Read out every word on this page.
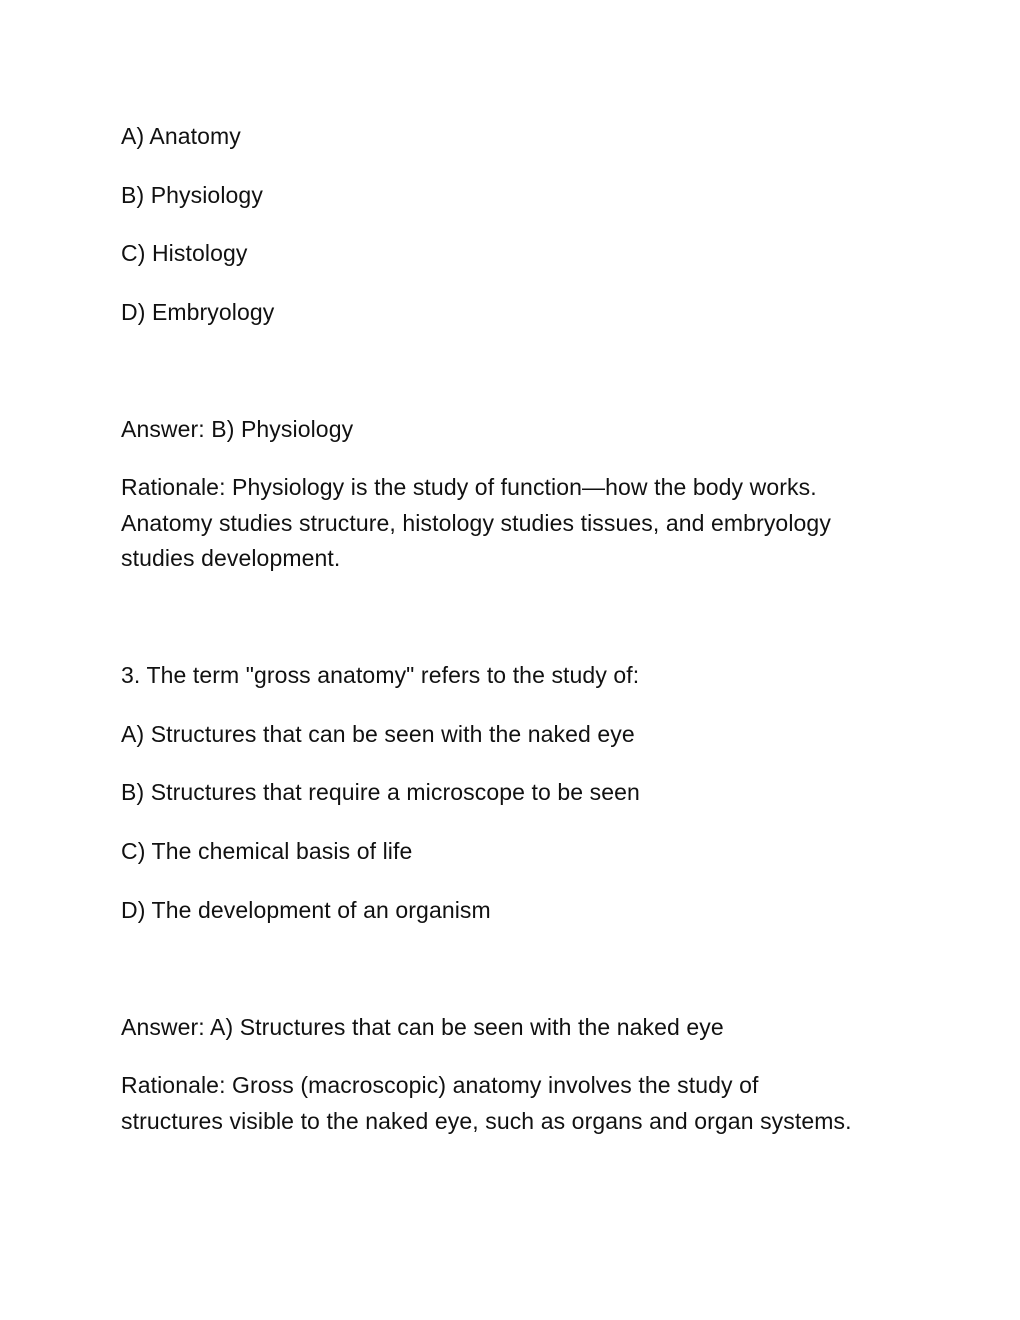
A) Anatomy
B) Physiology
C) Histology
D) Embryology
Answer: B) Physiology
Rationale: Physiology is the study of function—how the body works.
Anatomy studies structure, histology studies tissues, and embryology
studies development.
3. The term "gross anatomy" refers to the study of:
A) Structures that can be seen with the naked eye
B) Structures that require a microscope to be seen
C) The chemical basis of life
D) The development of an organism
Answer: A) Structures that can be seen with the naked eye
Rationale: Gross (macroscopic) anatomy involves the study of
structures visible to the naked eye, such as organs and organ systems.
